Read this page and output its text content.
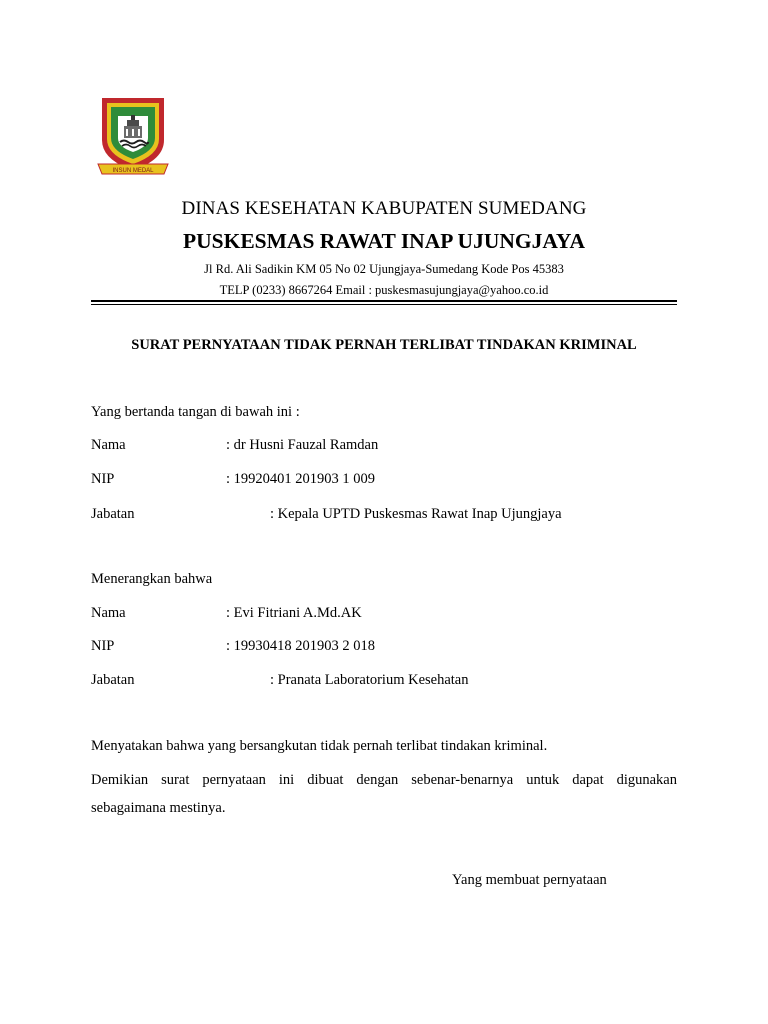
INSUN MEDAL
DINAS KESEHATAN KABUPATEN SUMEDANG
PUSKESMAS RAWAT INAP UJUNGJAYA
Jl Rd. Ali Sadikin KM 05 No 02 Ujungjaya-Sumedang Kode Pos 45383
TELP (0233) 8667264 Email : puskesmasujungjaya@yahoo.co.id
SURAT PERNYATAAN TIDAK PERNAH TERLIBAT TINDAKAN KRIMINAL
Yang bertanda tangan di bawah ini :
Nama	: dr Husni Fauzal Ramdan
NIP	: 19920401 201903 1 009
Jabatan	: Kepala UPTD Puskesmas Rawat Inap Ujungjaya
Menerangkan bahwa
Nama	: Evi Fitriani A.Md.AK
NIP	: 19930418 201903 2 018
Jabatan	: Pranata Laboratorium Kesehatan
Menyatakan bahwa yang bersangkutan tidak pernah terlibat tindakan kriminal.
Demikian surat pernyataan ini dibuat dengan sebenar-benarnya untuk dapat digunakan
sebagaimana mestinya.
Yang membuat pernyataan
